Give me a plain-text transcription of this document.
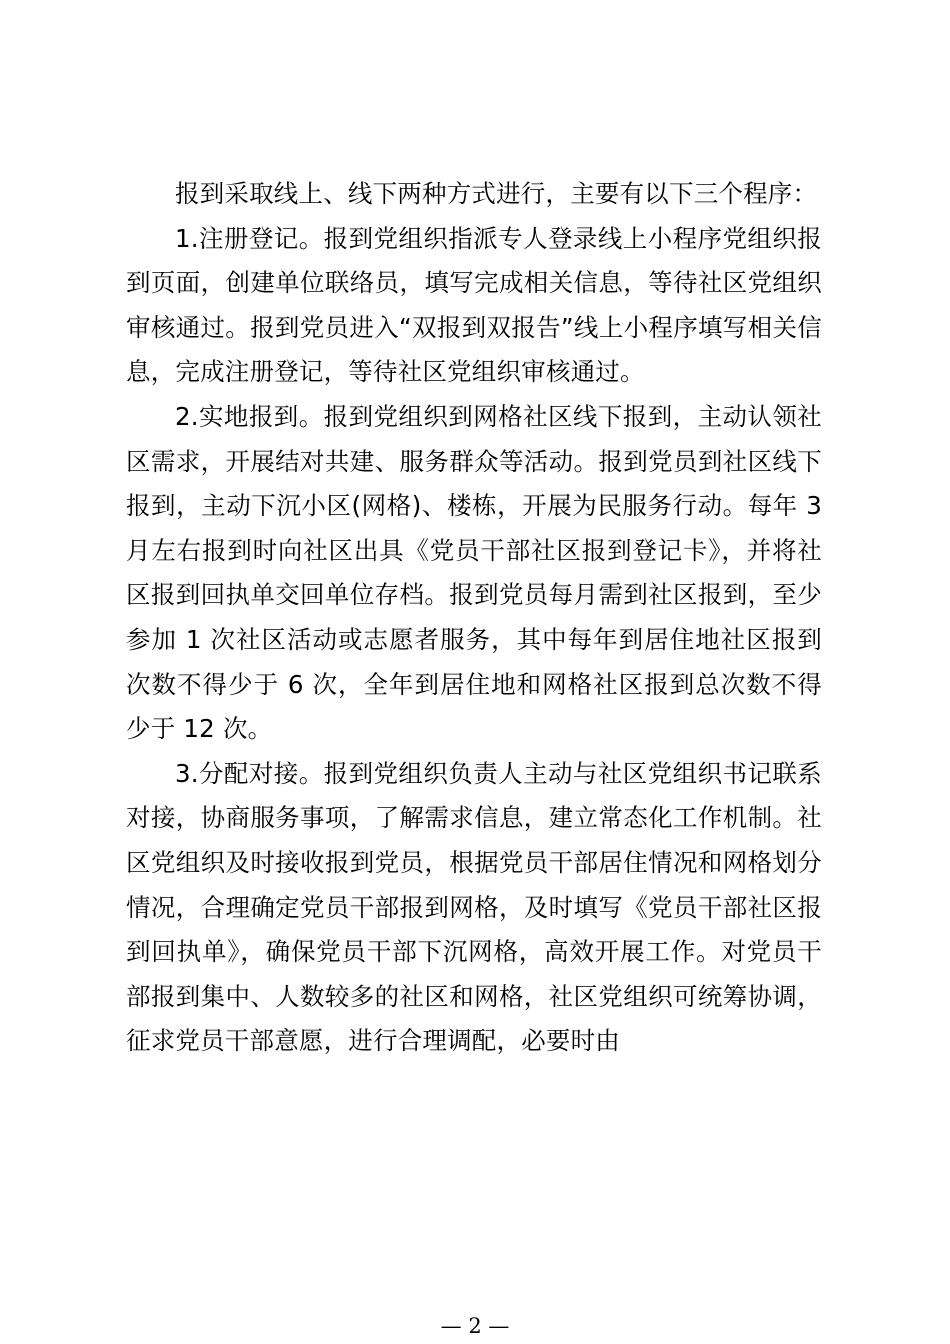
报到采取线上、线下两种方式进行，主要有以下三个程序：

1.注册登记。报到党组织指派专人登录线上小程序党组织报到页面，创建单位联络员，填写完成相关信息，等待社区党组织审核通过。报到党员进入“双报到双报告”线上小程序填写相关信息，完成注册登记，等待社区党组织审核通过。

2.实地报到。报到党组织到网格社区线下报到，主动认领社区需求，开展结对共建、服务群众等活动。报到党员到社区线下报到，主动下沉小区(网格)、楼栋，开展为民服务行动。每年 3 月左右报到时向社区出具《党员干部社区报到登记卡》，并将社区报到回执单交回单位存档。报到党员每月需到社区报到，至少参加 1 次社区活动或志愿者服务，其中每年到居住地社区报到次数不得少于 6 次，全年到居住地和网格社区报到总次数不得少于 12 次。

3.分配对接。报到党组织负责人主动与社区党组织书记联系对接，协商服务事项，了解需求信息，建立常态化工作机制。社区党组织及时接收报到党员，根据党员干部居住情况和网格划分情况，合理确定党员干部报到网格，及时填写《党员干部社区报到回执单》，确保党员干部下沉网格，高效开展工作。对党员干部报到集中、人数较多的社区和网格，社区党组织可统筹协调，征求党员干部意愿，进行合理调配，必要时由

— 2 —
